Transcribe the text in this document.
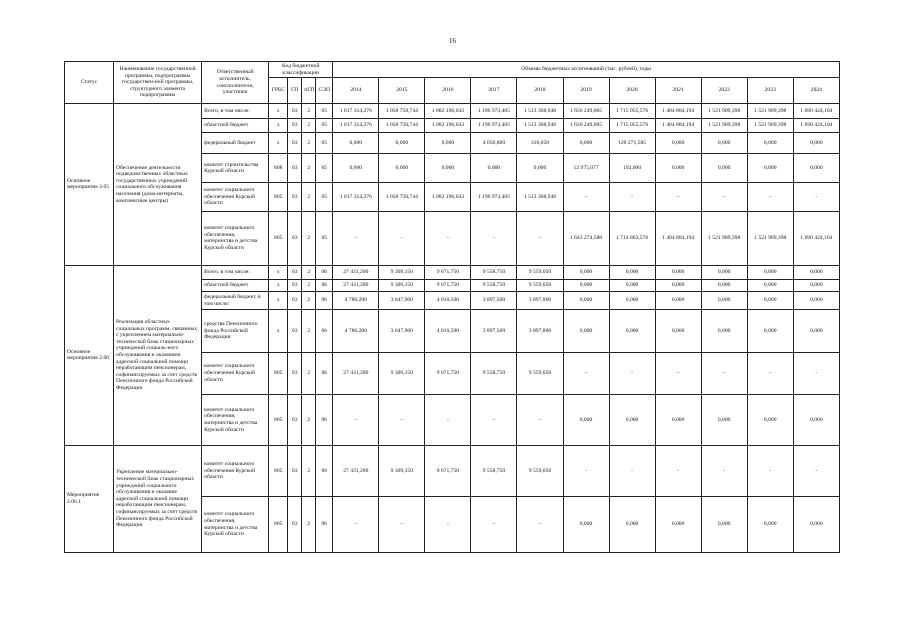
16
Статус	Наименование государственной программы, подпрограммы государствен-ной программы, структурного элемента подпрограммы	Ответственный исполнитель, соисполнители, участники	Код бюджетной классификации				Объемы бюджетных ассигнований (тыс. рублей), годы										
			ГРБС	ГП	пГП	СЭП	2014	2015	2016	2017	2018	2019	2020	2021	2022	2023	2024
Основное мероприятие 2.05	Обеспечение деятельности подведомственных областных государственных учреждений социального обслуживания населения (дома-интернаты, комплексные центры)	Всего, в том числе:	х	03	2	05	1 017 314,276	1 058 750,744	1 082 196,643	1 196 973,405	1 513 368,948	1 656 249,665	1 715 055,576	1 404 884,194	1 521 909,398	1 521 909,398	1 690 424,104
		областной бюджет	х	03	2	05	1 017 314,276	1 058 750,744	1 082 196,643	1 196 973,405	1 513 368,948	1 656 249,665	1 715 055,576	1 404 884,194	1 521 909,398	1 521 909,398	1 690 424,104
		федеральный бюджет	х	03	2	05	0,000	0,000	0,000	4 050,800	310,058	0,000	120 271,585	0,000	0,000	0,000	0,000
		комитет строительства Курской области	808	03	2	05	0,000	0,000	0,000	0,000	0,000	12 975,077	192,000	0,000	0,000	0,000	0,000
		комитет социального обеспечения Курской области	805	03	2	05	1 017 314,276	1 058 750,744	1 082 196,643	1 196 973,405	1 513 368,948	-	-	-	-	-	-
		комитет социального обеспечения, материнства и детства Курской области	805	03	2	05	-	-	-	-	-	1 643 274,588	1 714 863,576	1 404 884,194	1 521 909,398	1 521 909,398	1 690 424,104
Основное мероприятие 2.06	Реализация областных социальных программ, связанных с укреплением материально-технической базы стационарных учреждений социаль-ного обслуживания и оказанием адресной социальной помощи неработающим пенсионерам, софинансируемых за счет средств Пенсионного фонда Российской Федерации	Всего, в том числе:	х	03	2	06	27 431,200	9 309,150	9 671,750	9 558,750	9 559,050	0,000	0,000	0,000	0,000	0,000	0,000
		областной бюджет	х	03	2	06	27 431,200	9 309,150	9 671,750	9 558,750	9 559,050	0,000	0,000	0,000	0,000	0,000	0,000
		федеральный бюджет, в том числе:	х	03	2	06	4 786,200	3 647,900	4 010,500	3 897,500	3 897,800	0,000	0,000	0,000	0,000	0,000	0,000
		средства Пенсионного фонда Российской Федерации	х	03	2	06	4 786,200	3 647,900	4 010,500	3 897,500	3 897,800	0,000	0,000	0,000	0,000	0,000	0,000
		комитет социального обеспечения Курской области	805	03	2	06	27 431,200	9 309,150	9 671,750	9 558,750	9 559,050	-	-	-	-	-	-
		комитет социального обеспечения, материнства и детства Курской области	805	03	2	06	-	-	-	-	-	0,000	0,000	0,000	0,000	0,000	0,000
Мероприятие 2.06.1	Укрепление материально-технической базы стационарных учреждений социального обслуживания и оказание адресной социальной помощи неработающим пенсионерам, софинансируемых за счет средств Пенсионного фонда Российской Федерации	комитет социального обеспечения Курской области	805	03	2	06	27 431,200	9 309,150	9 671,750	9 558,750	9 559,050	-	-	-	-	-	-
		комитет социального обеспечения, материнства и детства Курской области	805	03	2	06	-	-	-	-	-	0,000	0,000	0,000	0,000	0,000	0,000
